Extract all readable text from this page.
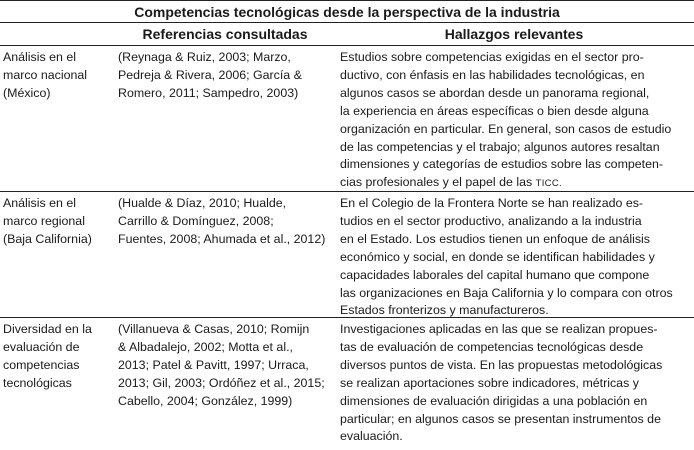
Competencias tecnológicas desde la perspectiva de la industria
Referencias consultadas	Hallazgos relevantes
Análisis en el
marco nacional
(México)
(Reynaga & Ruiz, 2003; Marzo,
Pedreja & Rivera, 2006; García &
Romero, 2011; Sampedro, 2003)
Estudios sobre competencias exigidas en el sector pro-
ductivo, con énfasis en las habilidades tecnológicas, en
algunos casos se abordan desde un panorama regional,
la experiencia en áreas específicas o bien desde alguna
organización en particular. En general, son casos de estudio
de las competencias y el trabajo; algunos autores resaltan
dimensiones y categorías de estudios sobre las competen-
cias profesionales y el papel de las TICC.
Análisis en el
marco regional
(Baja California)
(Hualde & Díaz, 2010; Hualde,
Carrillo & Domínguez, 2008;
Fuentes, 2008; Ahumada et al., 2012)
En el Colegio de la Frontera Norte se han realizado es-
tudios en el sector productivo, analizando a la industria
en el Estado. Los estudios tienen un enfoque de análisis
económico y social, en donde se identifican habilidades y
capacidades laborales del capital humano que compone
las organizaciones en Baja California y lo compara con otros
Estados fronterizos y manufactureros.
Diversidad en la
evaluación de
competencias
tecnológicas
(Villanueva & Casas, 2010; Romijn
& Albadalejo, 2002; Motta et al.,
2013; Patel & Pavitt, 1997; Urraca,
2013; Gil, 2003; Ordóñez et al., 2015;
Cabello, 2004; González, 1999)
Investigaciones aplicadas en las que se realizan propues-
tas de evaluación de competencias tecnológicas desde
diversos puntos de vista. En las propuestas metodológicas
se realizan aportaciones sobre indicadores, métricas y
dimensiones de evaluación dirigidas a una población en
particular; en algunos casos se presentan instrumentos de
evaluación.
